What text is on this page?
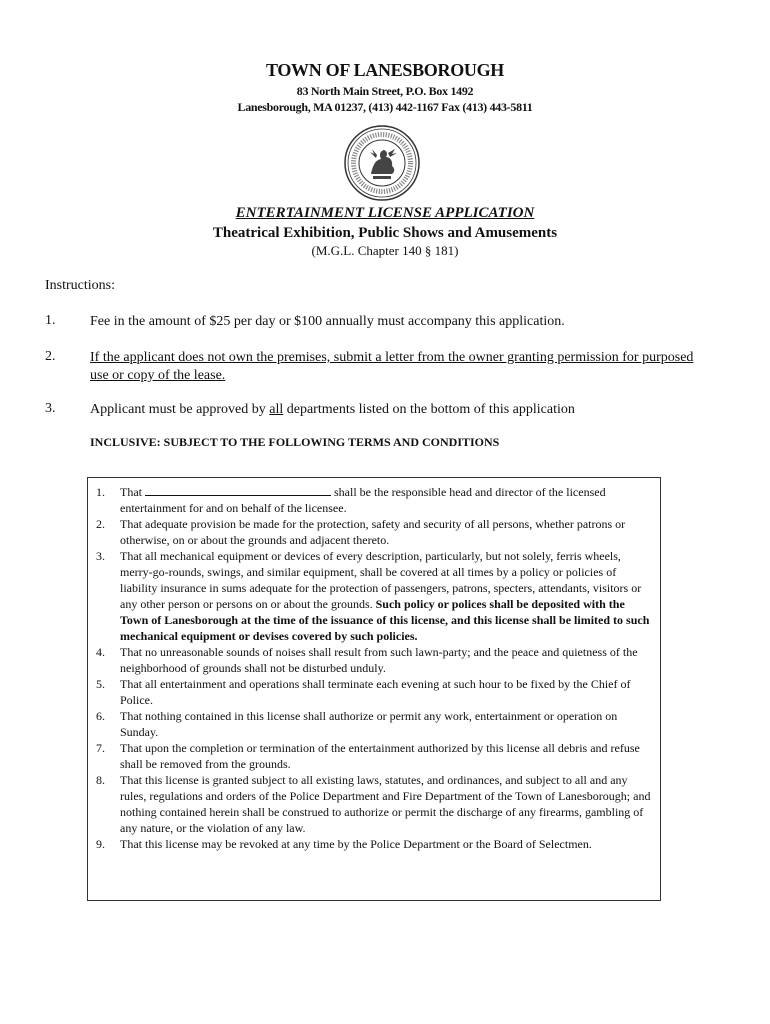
TOWN OF LANESBOROUGH
83 North Main Street, P.O. Box 1492
Lanesborough, MA 01237, (413) 442-1167 Fax (413) 443-5811
ENTERTAINMENT LICENSE APPLICATION
Theatrical Exhibition, Public Shows and Amusements
(M.G.L. Chapter 140 § 181)
Instructions:
1. Fee in the amount of $25 per day or $100 annually must accompany this application.
2. If the applicant does not own the premises, submit a letter from the owner granting permission for purposed use or copy of the lease.
3. Applicant must be approved by all departments listed on the bottom of this application
INCLUSIVE: SUBJECT TO THE FOLLOWING TERMS AND CONDITIONS
1.	That	shall be the responsible head and director of the licensed entertainment for and on behalf of the licensee.
2.	That adequate provision be made for the protection, safety and security of all persons, whether patrons or otherwise, on or about the grounds and adjacent thereto.
3.	That all mechanical equipment or devices of every description, particularly, but not solely, ferris wheels, merry-go-rounds, swings, and similar equipment, shall be covered at all times by a policy or policies of liability insurance in sums adequate for the protection of passengers, patrons, specters, attendants, visitors or any other person or persons on or about the grounds. Such policy or polices shall be deposited with the Town of Lanesborough at the time of the issuance of this license, and this license shall be limited to such mechanical equipment or devises covered by such policies.
4.	That no unreasonable sounds of noises shall result from such lawn-party; and the peace and quietness of the neighborhood of grounds shall not be disturbed unduly.
5.	That all entertainment and operations shall terminate each evening at such hour to be fixed by the Chief of Police.
6.	That nothing contained in this license shall authorize or permit any work, entertainment or operation on Sunday.
7.	That upon the completion or termination of the entertainment authorized by this license all debris and refuse shall be removed from the grounds.
8.	That this license is granted subject to all existing laws, statutes, and ordinances, and subject to all and any rules, regulations and orders of the Police Department and Fire Department of the Town of Lanesborough; and nothing contained herein shall be construed to authorize or permit the discharge of any firearms, gambling of any nature, or the violation of any law.
9.	That this license may be revoked at any time by the Police Department or the Board of Selectmen.
